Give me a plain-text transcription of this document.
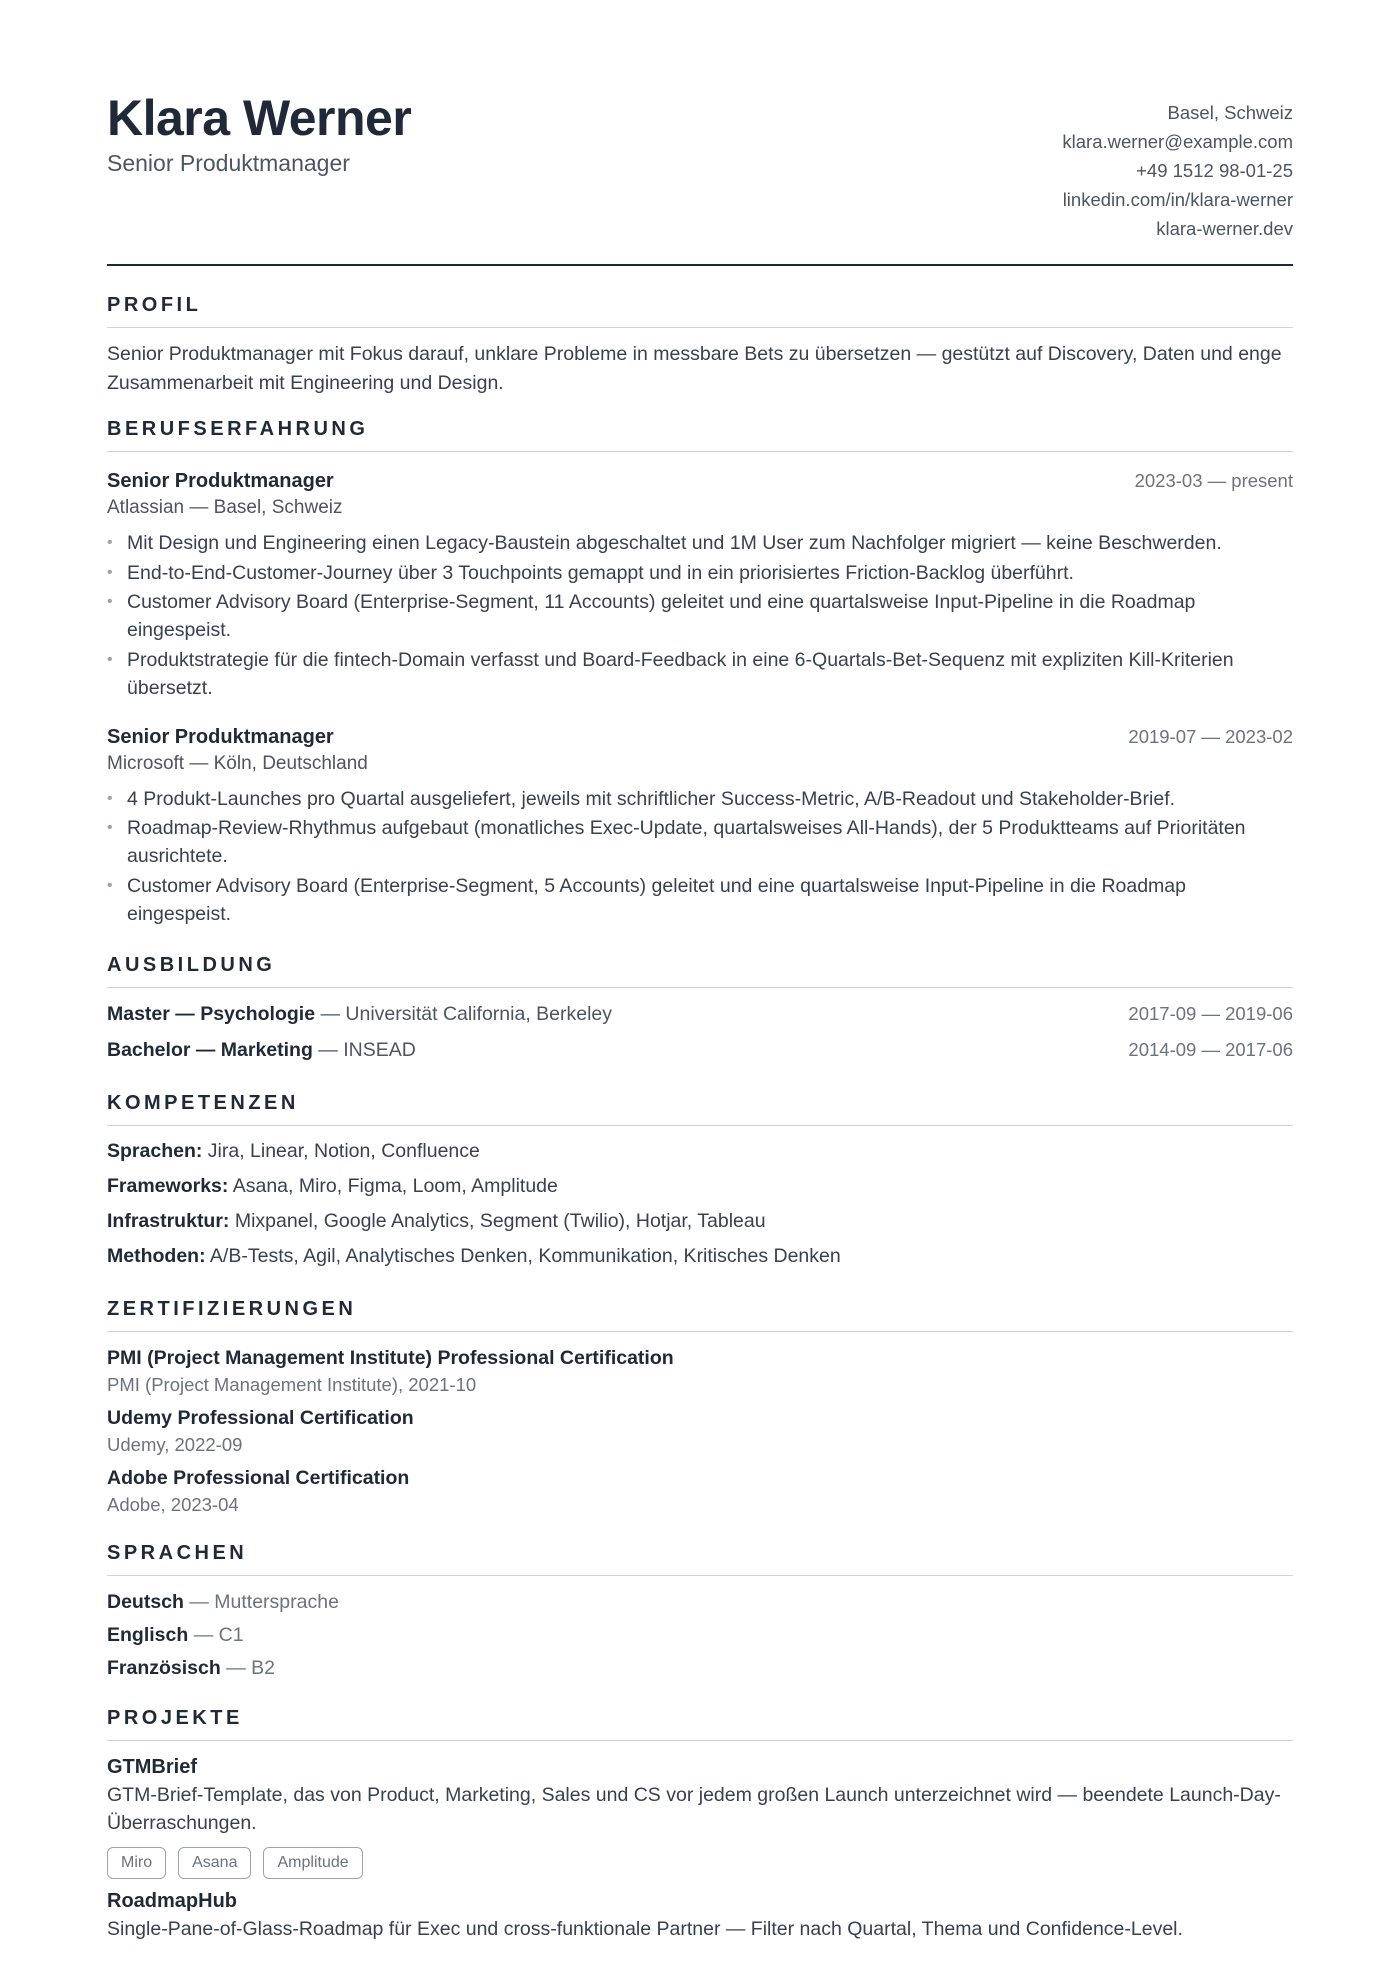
Klara Werner
Senior Produktmanager
Basel, Schweiz
klara.werner@example.com
+49 1512 98-01-25
linkedin.com/in/klara-werner
klara-werner.dev
PROFIL
Senior Produktmanager mit Fokus darauf, unklare Probleme in messbare Bets zu übersetzen — gestützt auf Discovery, Daten und enge Zusammenarbeit mit Engineering und Design.
BERUFSERFAHRUNG
Senior Produktmanager	2023-03 — present
Atlassian — Basel, Schweiz
• Mit Design und Engineering einen Legacy-Baustein abgeschaltet und 1M User zum Nachfolger migriert — keine Beschwerden.
• End-to-End-Customer-Journey über 3 Touchpoints gemappt und in ein priorisiertes Friction-Backlog überführt.
• Customer Advisory Board (Enterprise-Segment, 11 Accounts) geleitet und eine quartalsweise Input-Pipeline in die Roadmap eingespeist.
• Produktstrategie für die fintech-Domain verfasst und Board-Feedback in eine 6-Quartals-Bet-Sequenz mit expliziten Kill-Kriterien übersetzt.
Senior Produktmanager	2019-07 — 2023-02
Microsoft — Köln, Deutschland
• 4 Produkt-Launches pro Quartal ausgeliefert, jeweils mit schriftlicher Success-Metric, A/B-Readout und Stakeholder-Brief.
• Roadmap-Review-Rhythmus aufgebaut (monatliches Exec-Update, quartalsweises All-Hands), der 5 Produktteams auf Prioritäten ausrichtete.
• Customer Advisory Board (Enterprise-Segment, 5 Accounts) geleitet und eine quartalsweise Input-Pipeline in die Roadmap eingespeist.
AUSBILDUNG
Master — Psychologie — Universität California, Berkeley	2017-09 — 2019-06
Bachelor — Marketing — INSEAD	2014-09 — 2017-06
KOMPETENZEN
Sprachen: Jira, Linear, Notion, Confluence
Frameworks: Asana, Miro, Figma, Loom, Amplitude
Infrastruktur: Mixpanel, Google Analytics, Segment (Twilio), Hotjar, Tableau
Methoden: A/B-Tests, Agil, Analytisches Denken, Kommunikation, Kritisches Denken
ZERTIFIZIERUNGEN
PMI (Project Management Institute) Professional Certification
PMI (Project Management Institute), 2021-10
Udemy Professional Certification
Udemy, 2022-09
Adobe Professional Certification
Adobe, 2023-04
SPRACHEN
Deutsch — Muttersprache
Englisch — C1
Französisch — B2
PROJEKTE
GTMBrief
GTM-Brief-Template, das von Product, Marketing, Sales und CS vor jedem großen Launch unterzeichnet wird — beendete Launch-Day-Überraschungen.
Miro	Asana	Amplitude
RoadmapHub
Single-Pane-of-Glass-Roadmap für Exec und cross-funktionale Partner — Filter nach Quartal, Thema und Confidence-Level.
